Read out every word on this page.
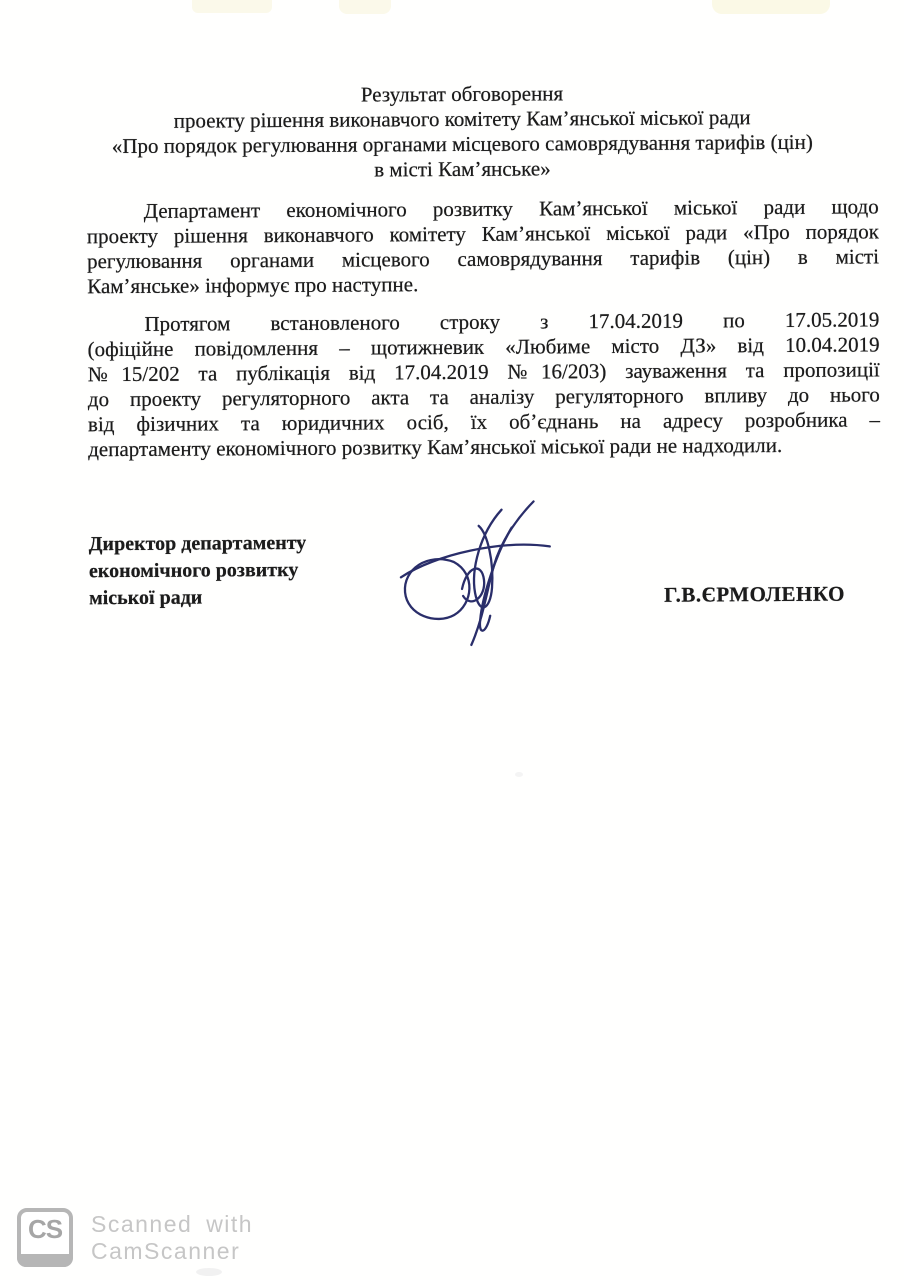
Результат обговорення
проекту рішення виконавчого комітету Кам’янської міської ради
«Про порядок регулювання органами місцевого самоврядування тарифів (цін)
в місті Кам’янське»
Департамент економічного розвитку Кам’янської міської ради щодо
проекту рішення виконавчого комітету Кам’янської міської ради «Про порядок
регулювання органами місцевого самоврядування тарифів (цін) в місті
Кам’янське» інформує про наступне.
Протягом встановленого строку з 17.04.2019 по 17.05.2019
(офіційне повідомлення – щотижневик «Любиме місто ДЗ» від 10.04.2019
№15/202 та публікація від 17.04.2019 №16/203) зауваження та пропозиції
до проекту регуляторного акта та аналізу регуляторного впливу до нього
від фізичних та юридичних осіб, їх об’єднань на адресу розробника –
департаменту економічного розвитку Кам’янської міської ради не надходили.
Директор департаменту
економічного розвитку
міської ради	Г.В.ЄРМОЛЕНКО
CS	Scanned with
CamScanner
